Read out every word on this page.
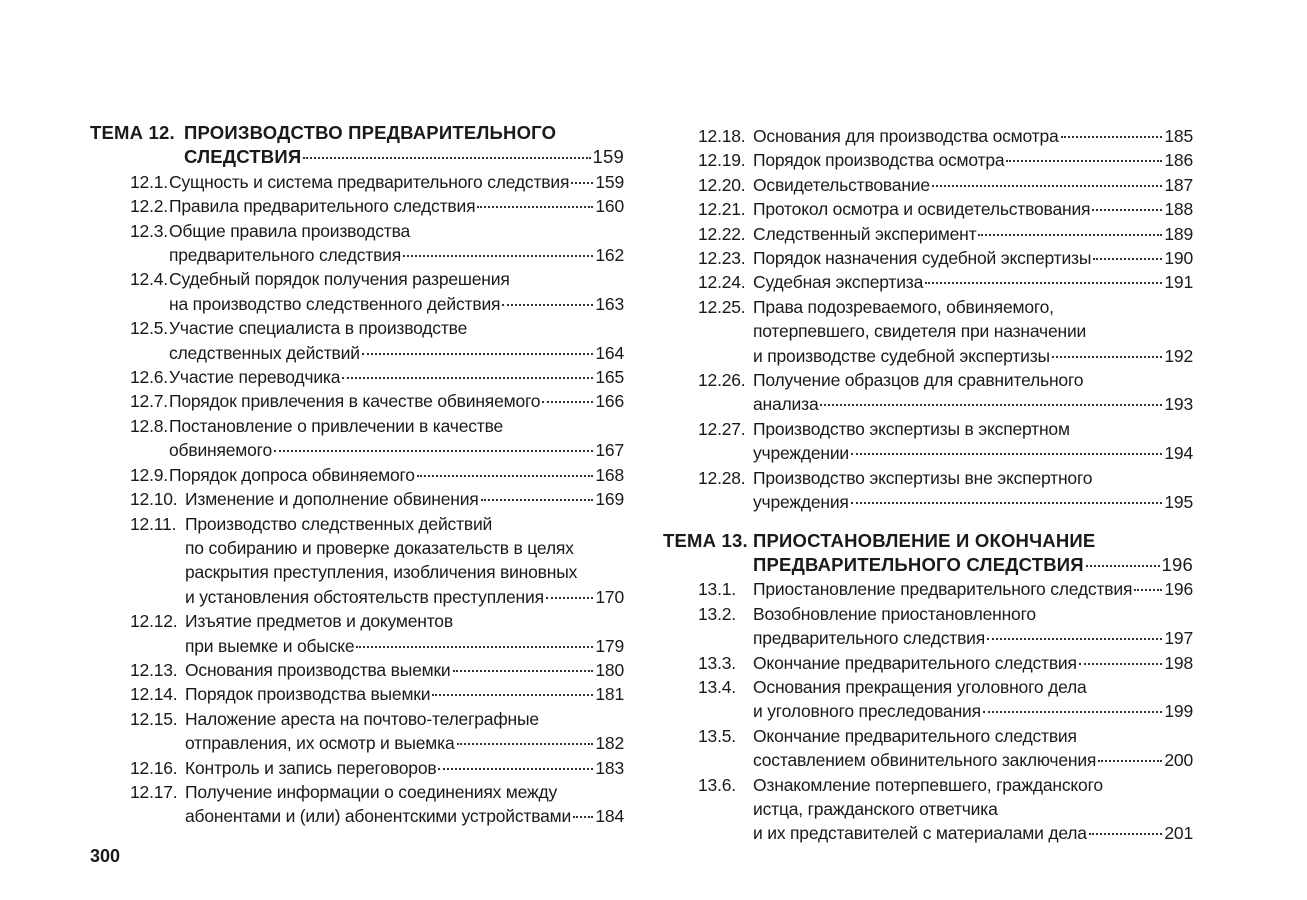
ТЕМА 12. ПРОИЗВОДСТВО ПРЕДВАРИТЕЛЬНОГО
СЛЕДСТВИЯ	159
12.1. Сущность и система предварительного следствия 159
12.2. Правила предварительного следствия	160
12.3. Общие правила производства
предварительного следствия	162
12.4. Судебный порядок получения разрешения
на производство следственного действия	163
12.5. Участие специалиста в производстве
следственных действий	164
12.6. Участие переводчика	165
12.7. Порядок привлечения в качестве обвиняемого	166
12.8. Постановление о привлечении в качестве
обвиняемого	167
12.9. Порядок допроса обвиняемого	168
12.10. Изменение и дополнение обвинения	169
12.11. Производство следственных действий
по собиранию и проверке доказательств в целях
раскрытия преступления, изобличения виновных
и установления обстоятельств преступления	170
12.12. Изъятие предметов и документов
при выемке и обыске	179
12.13. Основания производства выемки	180
12.14. Порядок производства выемки	181
12.15. Наложение ареста на почтово-телеграфные
отправления, их осмотр и выемка	182
12.16. Контроль и запись переговоров	183
12.17. Получение информации о соединениях между
абонентами и (или) абонентскими устройствами 184
12.18. Основания для производства осмотра	185
12.19. Порядок производства осмотра	186
12.20. Освидетельствование	187
12.21. Протокол осмотра и освидетельствования	188
12.22. Следственный эксперимент	189
12.23. Порядок назначения судебной экспертизы	190
12.24. Судебная экспертиза	191
12.25. Права подозреваемого, обвиняемого,
потерпевшего, свидетеля при назначении
и производстве судебной экспертизы	192
12.26. Получение образцов для сравнительного
анализа	193
12.27. Производство экспертизы в экспертном
учреждении	194
12.28. Производство экспертизы вне экспертного
учреждения	195
ТЕМА 13. ПРИОСТАНОВЛЕНИЕ И ОКОНЧАНИЕ
ПРЕДВАРИТЕЛЬНОГО СЛЕДСТВИЯ	196
13.1. Приостановление предварительного следствия 196
13.2. Возобновление приостановленного
предварительного следствия	197
13.3. Окончание предварительного следствия	198
13.4. Основания прекращения уголовного дела
и уголовного преследования	199
13.5. Окончание предварительного следствия
составлением обвинительного заключения	200
13.6. Ознакомление потерпевшего, гражданского
истца, гражданского ответчика
и их представителей с материалами дела	201
300
